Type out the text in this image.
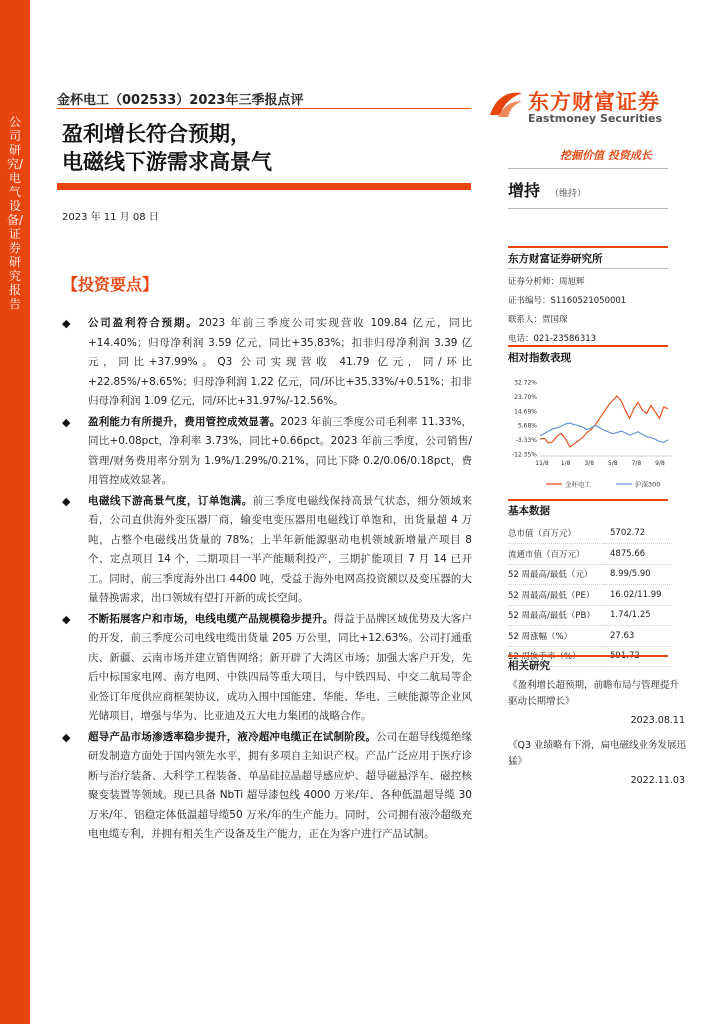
公司研究/电气设备/证券研究报告
金杯电工（002533）2023年三季报点评
盈利增长符合预期，
电磁线下游需求高景气
2023 年 11 月 08 日
【投资要点】
◆ 公司盈利符合预期。2023 年前三季度公司实现营收 109.84 亿元，同比+14.40%；归母净利润 3.59 亿元，同比+35.83%；扣非归母净利润 3.39 亿元，同比+37.99%。Q3 公司实现营收 41.79 亿元，同/环比+22.85%/+8.65%；归母净利润 1.22 亿元，同/环比+35.33%/+0.51%；扣非归母净利润 1.09 亿元，同/环比+31.97%/-12.56%。
◆ 盈利能力有所提升，费用管控成效显著。2023 年前三季度公司毛利率 11.33%，同比+0.08pct，净利率 3.73%，同比+0.66pct。2023 年前三季度，公司销售/管理/财务费用率分别为 1.9%/1.29%/0.21%，同比下降 0.2/0.06/0.18pct，费用管控成效显著。
◆ 电磁线下游高景气度，订单饱满。前三季度电磁线保持高景气状态，细分领域来看，公司直供海外变压器厂商，输变电变压器用电磁线订单饱和，出货量超 4 万吨，占整个电磁线出货量的 78%；上半年新能源驱动电机领域新增量产项目 8 个、定点项目 14 个，二期项目一半产能顺利投产，三期扩能项目 7 月 14 已开工。同时，前三季度海外出口 4400 吨，受益于海外电网高投资额以及变压器的大量替换需求，出口领域有望打开新的成长空间。
◆ 不断拓展客户和市场，电线电缆产品规模稳步提升。得益于品牌区域优势及大客户的开发，前三季度公司电线电缆出货量 205 万公里，同比+12.63%。公司打通重庆、新疆、云南市场并建立销售网络；新开辟了大湾区市场；加强大客户开发，先后中标国家电网、南方电网、中铁四局等重大项目，与中铁四局、中交二航局等企业签订年度供应商框架协议，成功入围中国能建、华能、华电、三峡能源等企业风光储项目，增强与华为、比亚迪及五大电力集团的战略合作。
◆ 超导产品市场渗透率稳步提升，液冷超冲电缆正在试制阶段。公司在超导线缆绝缘研发制造方面处于国内领先水平，拥有多项自主知识产权。产品广泛应用于医疗诊断与治疗装备、大科学工程装备、单晶硅拉晶超导感应炉、超导磁悬浮车、磁控核聚变装置等领域。现已具备 NbTi 超导漆包线 4000 万米/年、各种低温超导缆 30 万米/年、铝稳定体低温超导缆50 万米/年的生产能力。同时，公司拥有液冷超级充电电缆专利，并拥有相关生产设备及生产能力，正在为客户进行产品试制。
东方财富证券
Eastmoney Securities
挖掘价值 投资成长
增持 （维持）
东方财富证券研究所
证券分析师：周旭辉
证书编号：S1160521050001
联系人：贾国琛
电话：021-23586313
相对指数表现
32.72%
23.70%
14.69%
5.68%
-3.33%
-12.35%
11/8 1/8 3/8 5/8 7/8 9/8
金杯电工	沪深300
基本数据
总市值（百万元）	5702.72
流通市值（百万元）	4875.66
52 周最高/最低（元）	8.99/5.90
52 周最高/最低（PE）	16.02/11.99
52 周最高/最低（PB）	1.74/1.25
52 周涨幅（%）	27.63
52 周换手率（%）	591.72
相关研究
《盈利增长超预期，前瞻布局与管理提升驱动长期增长》
2023.08.11
《Q3 业绩略有下滑，扁电磁线业务发展迅猛》
2022.11.03
